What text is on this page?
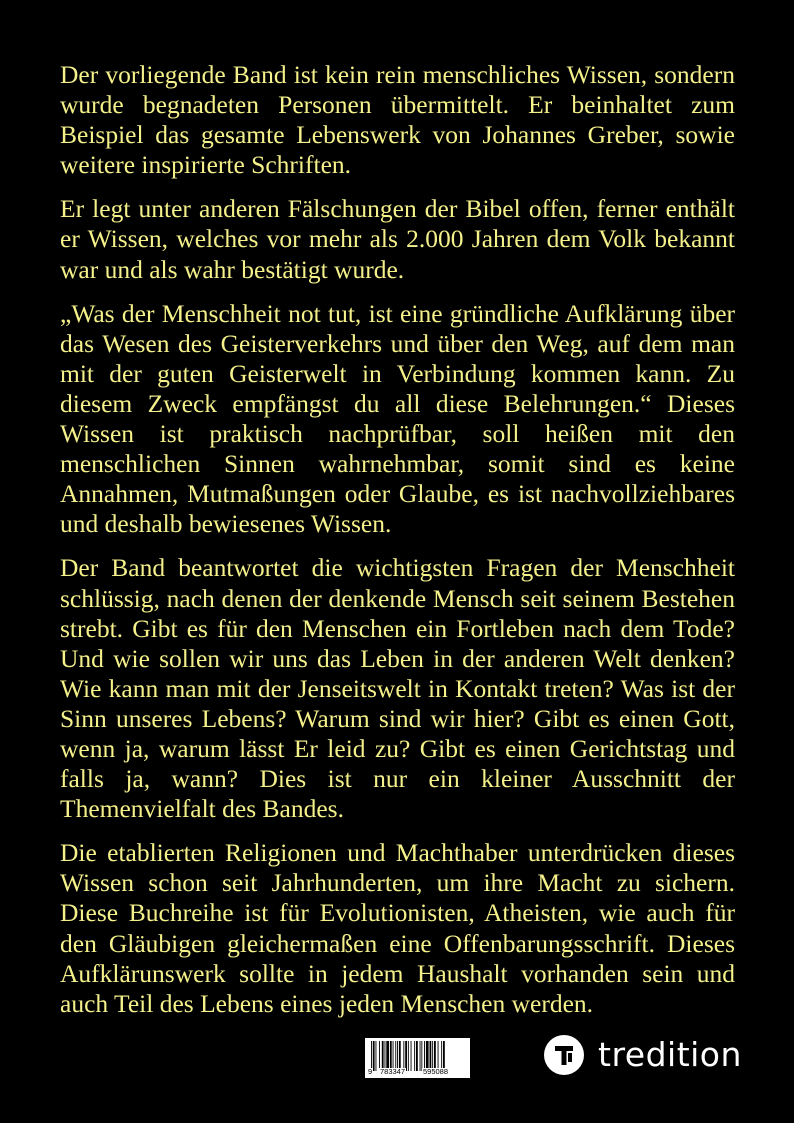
Der vorliegende Band ist kein rein menschliches Wissen, sondern wurde begnadeten Personen übermittelt. Er beinhaltet zum Beispiel das gesamte Lebenswerk von Johannes Greber, sowie weitere inspirierte Schriften.

Er legt unter anderen Fälschungen der Bibel offen, ferner enthält er Wissen, welches vor mehr als 2.000 Jahren dem Volk bekannt war und als wahr bestätigt wurde.

„Was der Menschheit not tut, ist eine gründliche Aufklärung über das Wesen des Geisterverkehrs und über den Weg, auf dem man mit der guten Geisterwelt in Verbindung kommen kann. Zu diesem Zweck empfängst du all diese Belehrungen.“ Dieses Wissen ist praktisch nachprüfbar, soll heißen mit den menschlichen Sinnen wahrnehmbar, somit sind es keine Annahmen, Mutmaßungen oder Glaube, es ist nachvollziehbares und deshalb bewiesenes Wissen.

Der Band beantwortet die wichtigsten Fragen der Menschheit schlüssig, nach denen der denkende Mensch seit seinem Bestehen strebt. Gibt es für den Menschen ein Fortleben nach dem Tode? Und wie sollen wir uns das Leben in der anderen Welt denken? Wie kann man mit der Jenseitswelt in Kontakt treten? Was ist der Sinn unseres Lebens? Warum sind wir hier? Gibt es einen Gott, wenn ja, warum lässt Er leid zu? Gibt es einen Gerichtstag und falls ja, wann? Dies ist nur ein kleiner Ausschnitt der Themenvielfalt des Bandes.

Die etablierten Religionen und Machthaber unterdrücken dieses Wissen schon seit Jahrhunderten, um ihre Macht zu sichern. Diese Buchreihe ist für Evolutionisten, Atheisten, wie auch für den Gläubigen gleichermaßen eine Offenbarungsschrift. Dieses Aufklärunswerk sollte in jedem Haushalt vorhanden sein und auch Teil des Lebens eines jeden Menschen werden.

9 783347 595088	tredition
